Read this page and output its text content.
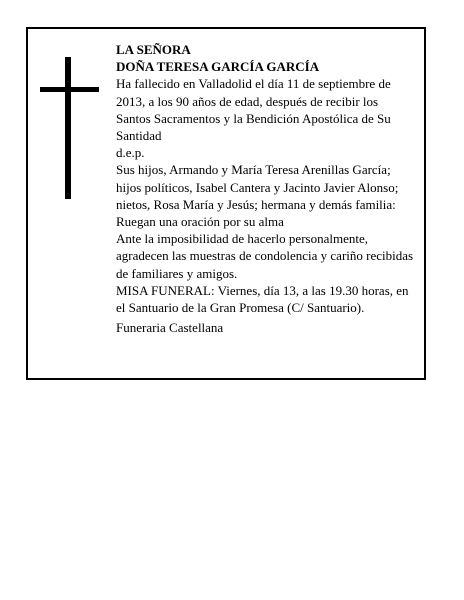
LA SEÑORA

DOÑA TERESA GARCÍA GARCÍA

Ha fallecido en Valladolid el día 11 de septiembre de 2013, a los 90 años de edad, después de recibir los Santos Sacramentos y la Bendición Apostólica de Su Santidad

d.e.p.

Sus hijos, Armando y María Teresa Arenillas García; hijos políticos, Isabel Cantera y Jacinto Javier Alonso; nietos, Rosa María y Jesús; hermana y demás familia:

Ruegan una oración por su alma

Ante la imposibilidad de hacerlo personalmente, agradecen las muestras de condolencia y cariño recibidas de familiares y amigos.

MISA FUNERAL: Viernes, día 13, a las 19.30 horas, en el Santuario de la Gran Promesa (C/ Santuario).

Funeraria Castellana
